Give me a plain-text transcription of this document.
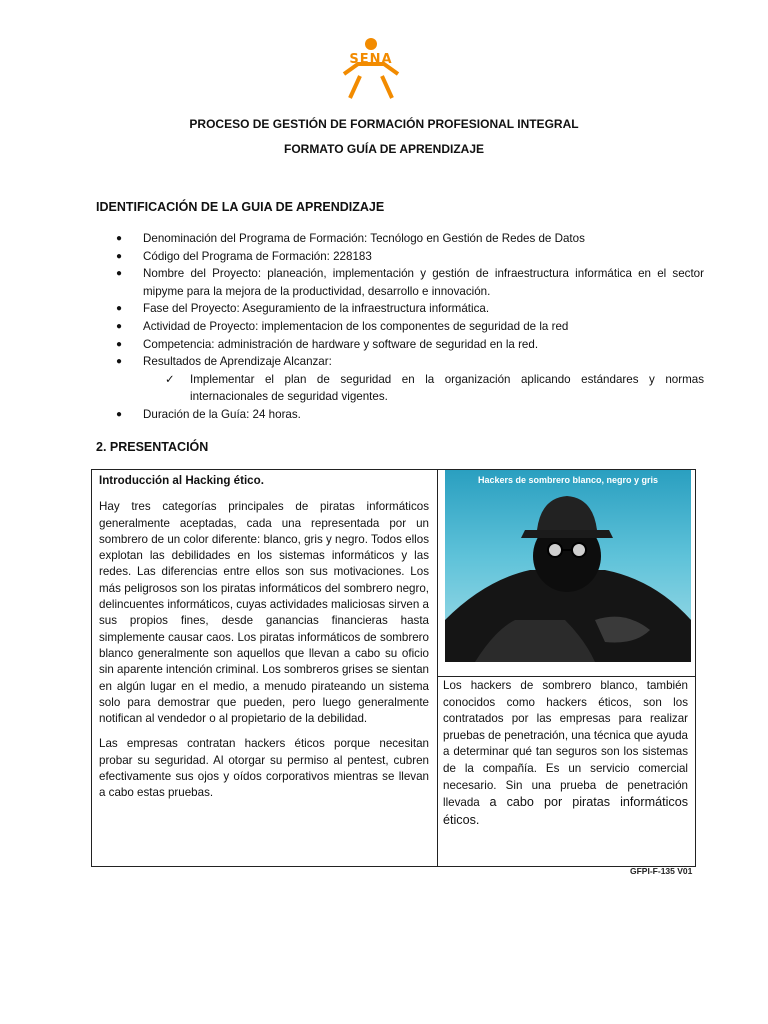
SENA
PROCESO DE GESTIÓN DE FORMACIÓN PROFESIONAL INTEGRAL
FORMATO GUÍA DE APRENDIZAJE
IDENTIFICACIÓN DE LA GUIA DE APRENDIZAJE
● Denominación del Programa de Formación: Tecnólogo en Gestión de Redes de Datos
● Código del Programa de Formación: 228183
● Nombre del Proyecto: planeación, implementación y gestión de infraestructura informática en el sector mipyme para la mejora de la productividad, desarrollo e innovación.
● Fase del Proyecto: Aseguramiento de la infraestructura informática.
● Actividad de Proyecto: implementacion de los componentes de seguridad de la red
● Competencia: administración de hardware y software de seguridad en la red.
● Resultados de Aprendizaje Alcanzar:
✓ Implementar el plan de seguridad en la organización aplicando estándares y normas internacionales de seguridad vigentes.
● Duración de la Guía: 24 horas.
2. PRESENTACIÓN
Introducción al Hacking ético.

Hay tres categorías principales de piratas informáticos generalmente aceptadas, cada una representada por un sombrero de un color diferente: blanco, gris y negro. Todos ellos explotan las debilidades en los sistemas informáticos y las redes. Las diferencias entre ellos son sus motivaciones. Los más peligrosos son los piratas informáticos del sombrero negro, delincuentes informáticos, cuyas actividades maliciosas sirven a sus propios fines, desde ganancias financieras hasta simplemente causar caos. Los piratas informáticos de sombrero blanco generalmente son aquellos que llevan a cabo su oficio sin aparente intención criminal. Los sombreros grises se sientan en algún lugar en el medio, a menudo pirateando un sistema solo para demostrar que pueden, pero luego generalmente notifican al vendedor o al propietario de la debilidad.

Las empresas contratan hackers éticos porque necesitan probar su seguridad. Al otorgar su permiso al pentest, cubren efectivamente sus ojos y oídos corporativos mientras se llevan a cabo estas pruebas.

Hackers de sombrero blanco, negro y gris
Los hackers de sombrero blanco, también conocidos como hackers éticos, son los contratados por las empresas para realizar pruebas de penetración, una técnica que ayuda a determinar qué tan seguros son los sistemas de la compañía. Es un servicio comercial necesario. Sin una prueba de penetración llevada a cabo por piratas informáticos éticos.
GFPI-F-135 V01
